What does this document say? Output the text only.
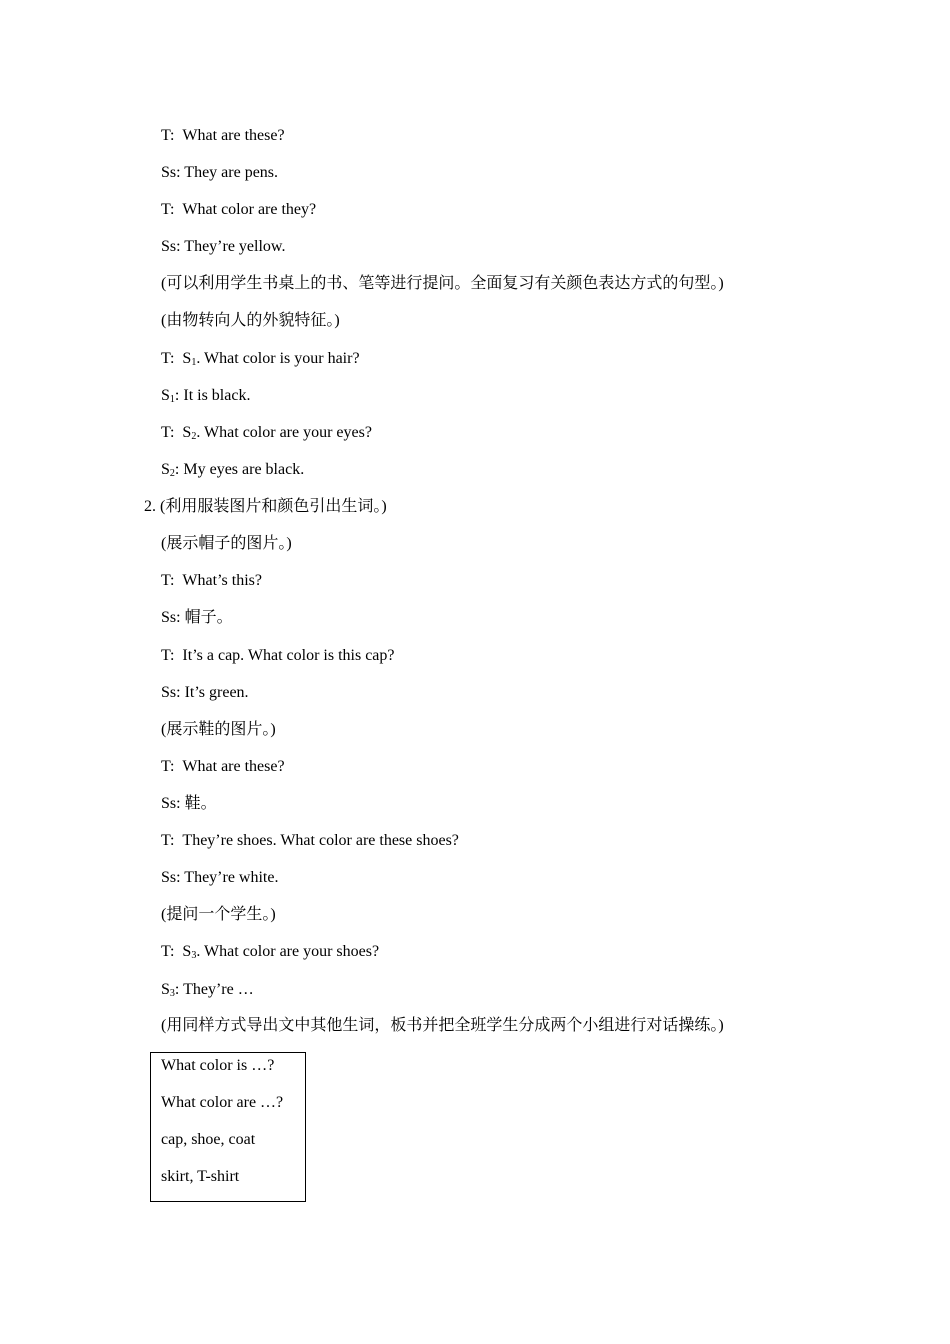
T: What are these?
Ss: They are pens.
T: What color are they?
Ss: They’re yellow.
(可以利用学生书桌上的书、笔等进行提问。全面复习有关颜色表达方式的句型。)
(由物转向人的外貌特征。)
T: $S_1$. What color is your hair?
$S_1$: It is black.
T: $S_2$. What color are your eyes?
$S_2$: My eyes are black.
2. (利用服装图片和颜色引出生词。)
(展示帽子的图片。)
T: What’s this?
Ss: 帽子。
T: It’s a cap. What color is this cap?
Ss: It’s green.
(展示鞋的图片。)
T: What are these?
Ss: 鞋。
T: They’re shoes. What color are these shoes?
Ss: They’re white.
(提问一个学生。)
T: $S_3$. What color are your shoes?
$S_3$: They’re …
(用同样方式导出文中其他生词，板书并把全班学生分成两个小组进行对话操练。)
What color is …?
What color are …?
cap, shoe, coat
skirt, T-shirt
